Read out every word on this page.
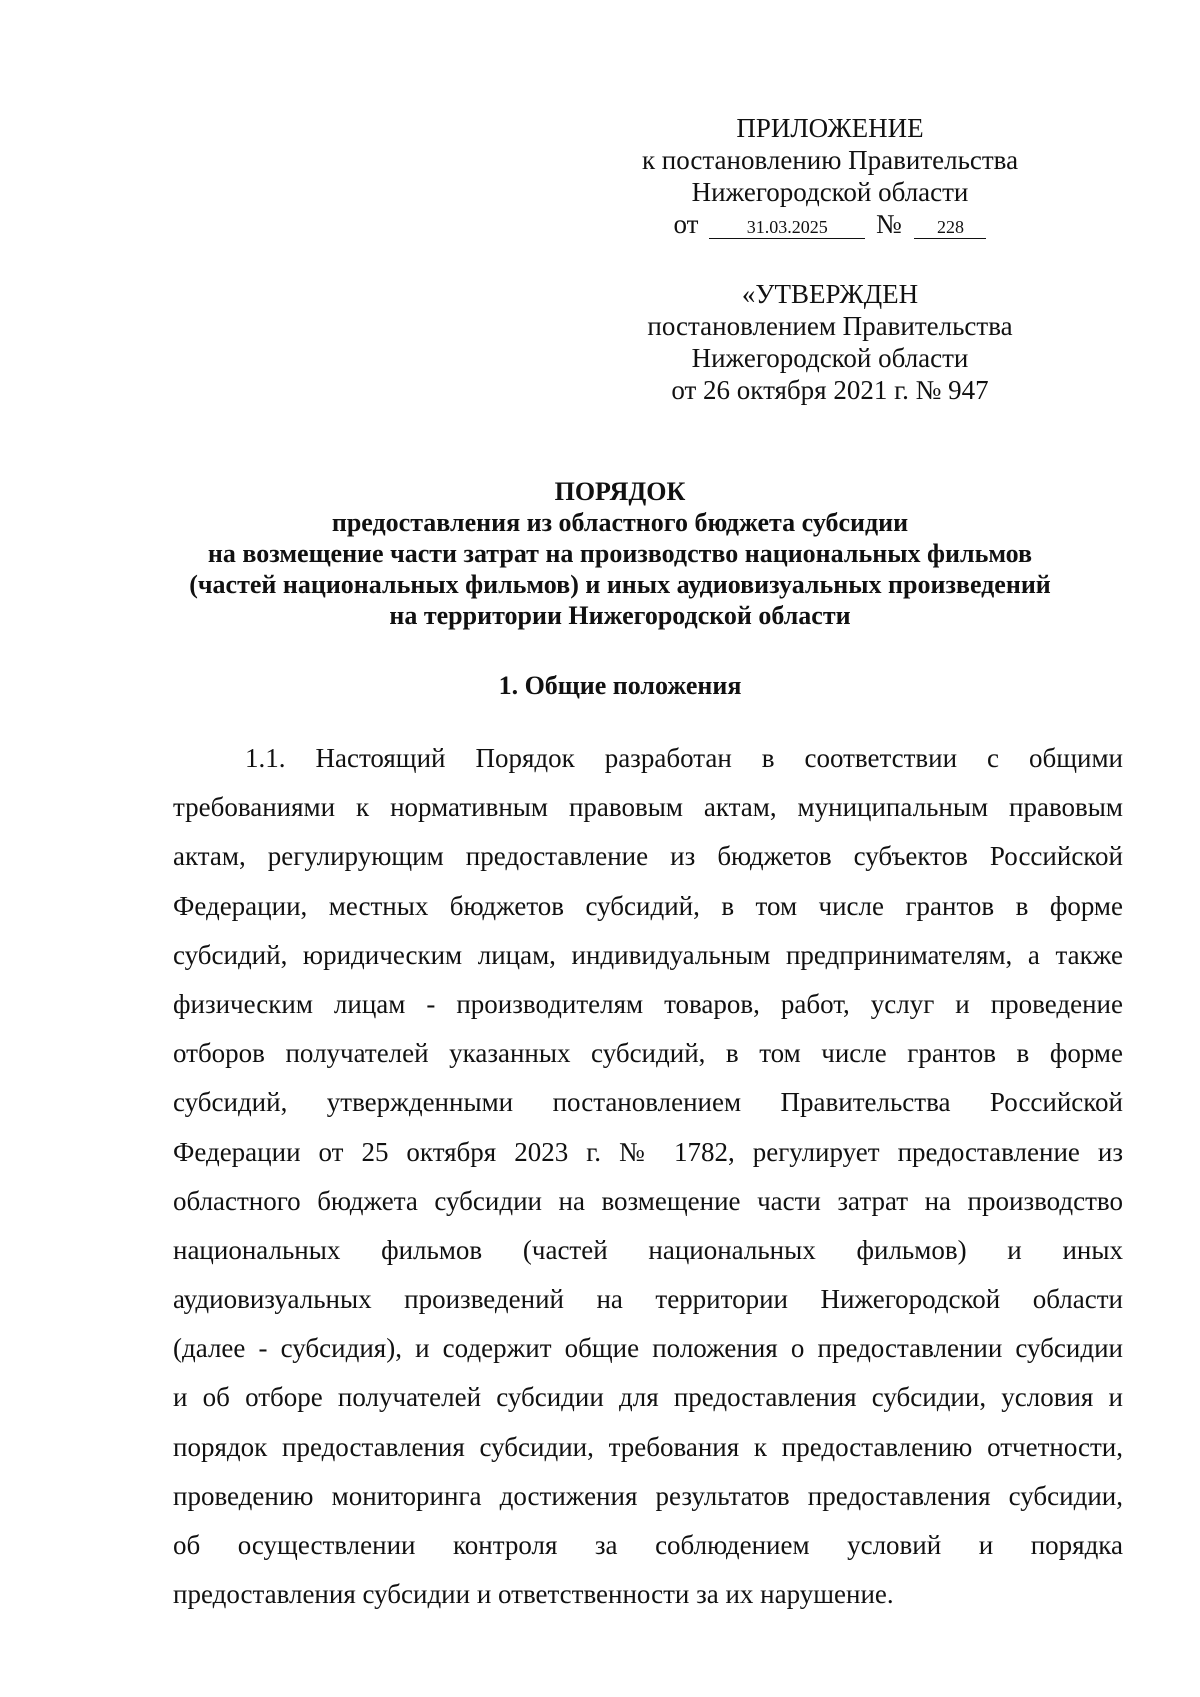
ПРИЛОЖЕНИЕ
к постановлению Правительства
Нижегородской области
от	31.03.2025 № 228
«УТВЕРЖДЕН
постановлением Правительства
Нижегородской области
от 26 октября 2021 г. № 947
ПОРЯДОК
предоставления из областного бюджета субсидии
на возмещение части затрат на производство национальных фильмов
(частей национальных фильмов) и иных аудиовизуальных произведений
на территории Нижегородской области
1. Общие положения
1.1. Настоящий Порядок разработан в соответствии с общими
требованиями к нормативным правовым актам, муниципальным правовым
актам, регулирующим предоставление из бюджетов субъектов Российской
Федерации, местных бюджетов субсидий, в том числе грантов в форме
субсидий, юридическим лицам, индивидуальным предпринимателям, а также
физическим лицам - производителям товаров, работ, услуг и проведение
отборов получателей указанных субсидий, в том числе грантов в форме
субсидий, утвержденными постановлением Правительства Российской
Федерации от 25 октября 2023 г. № 1782, регулирует предоставление из
областного бюджета субсидии на возмещение части затрат на производство
национальных фильмов (частей национальных фильмов) и иных
аудиовизуальных произведений на территории Нижегородской области
(далее - субсидия), и содержит общие положения о предоставлении субсидии
и об отборе получателей субсидии для предоставления субсидии, условия и
порядок предоставления субсидии, требования к предоставлению отчетности,
проведению мониторинга достижения результатов предоставления субсидии,
об осуществлении контроля за соблюдением условий и порядка
предоставления субсидии и ответственности за их нарушение.
